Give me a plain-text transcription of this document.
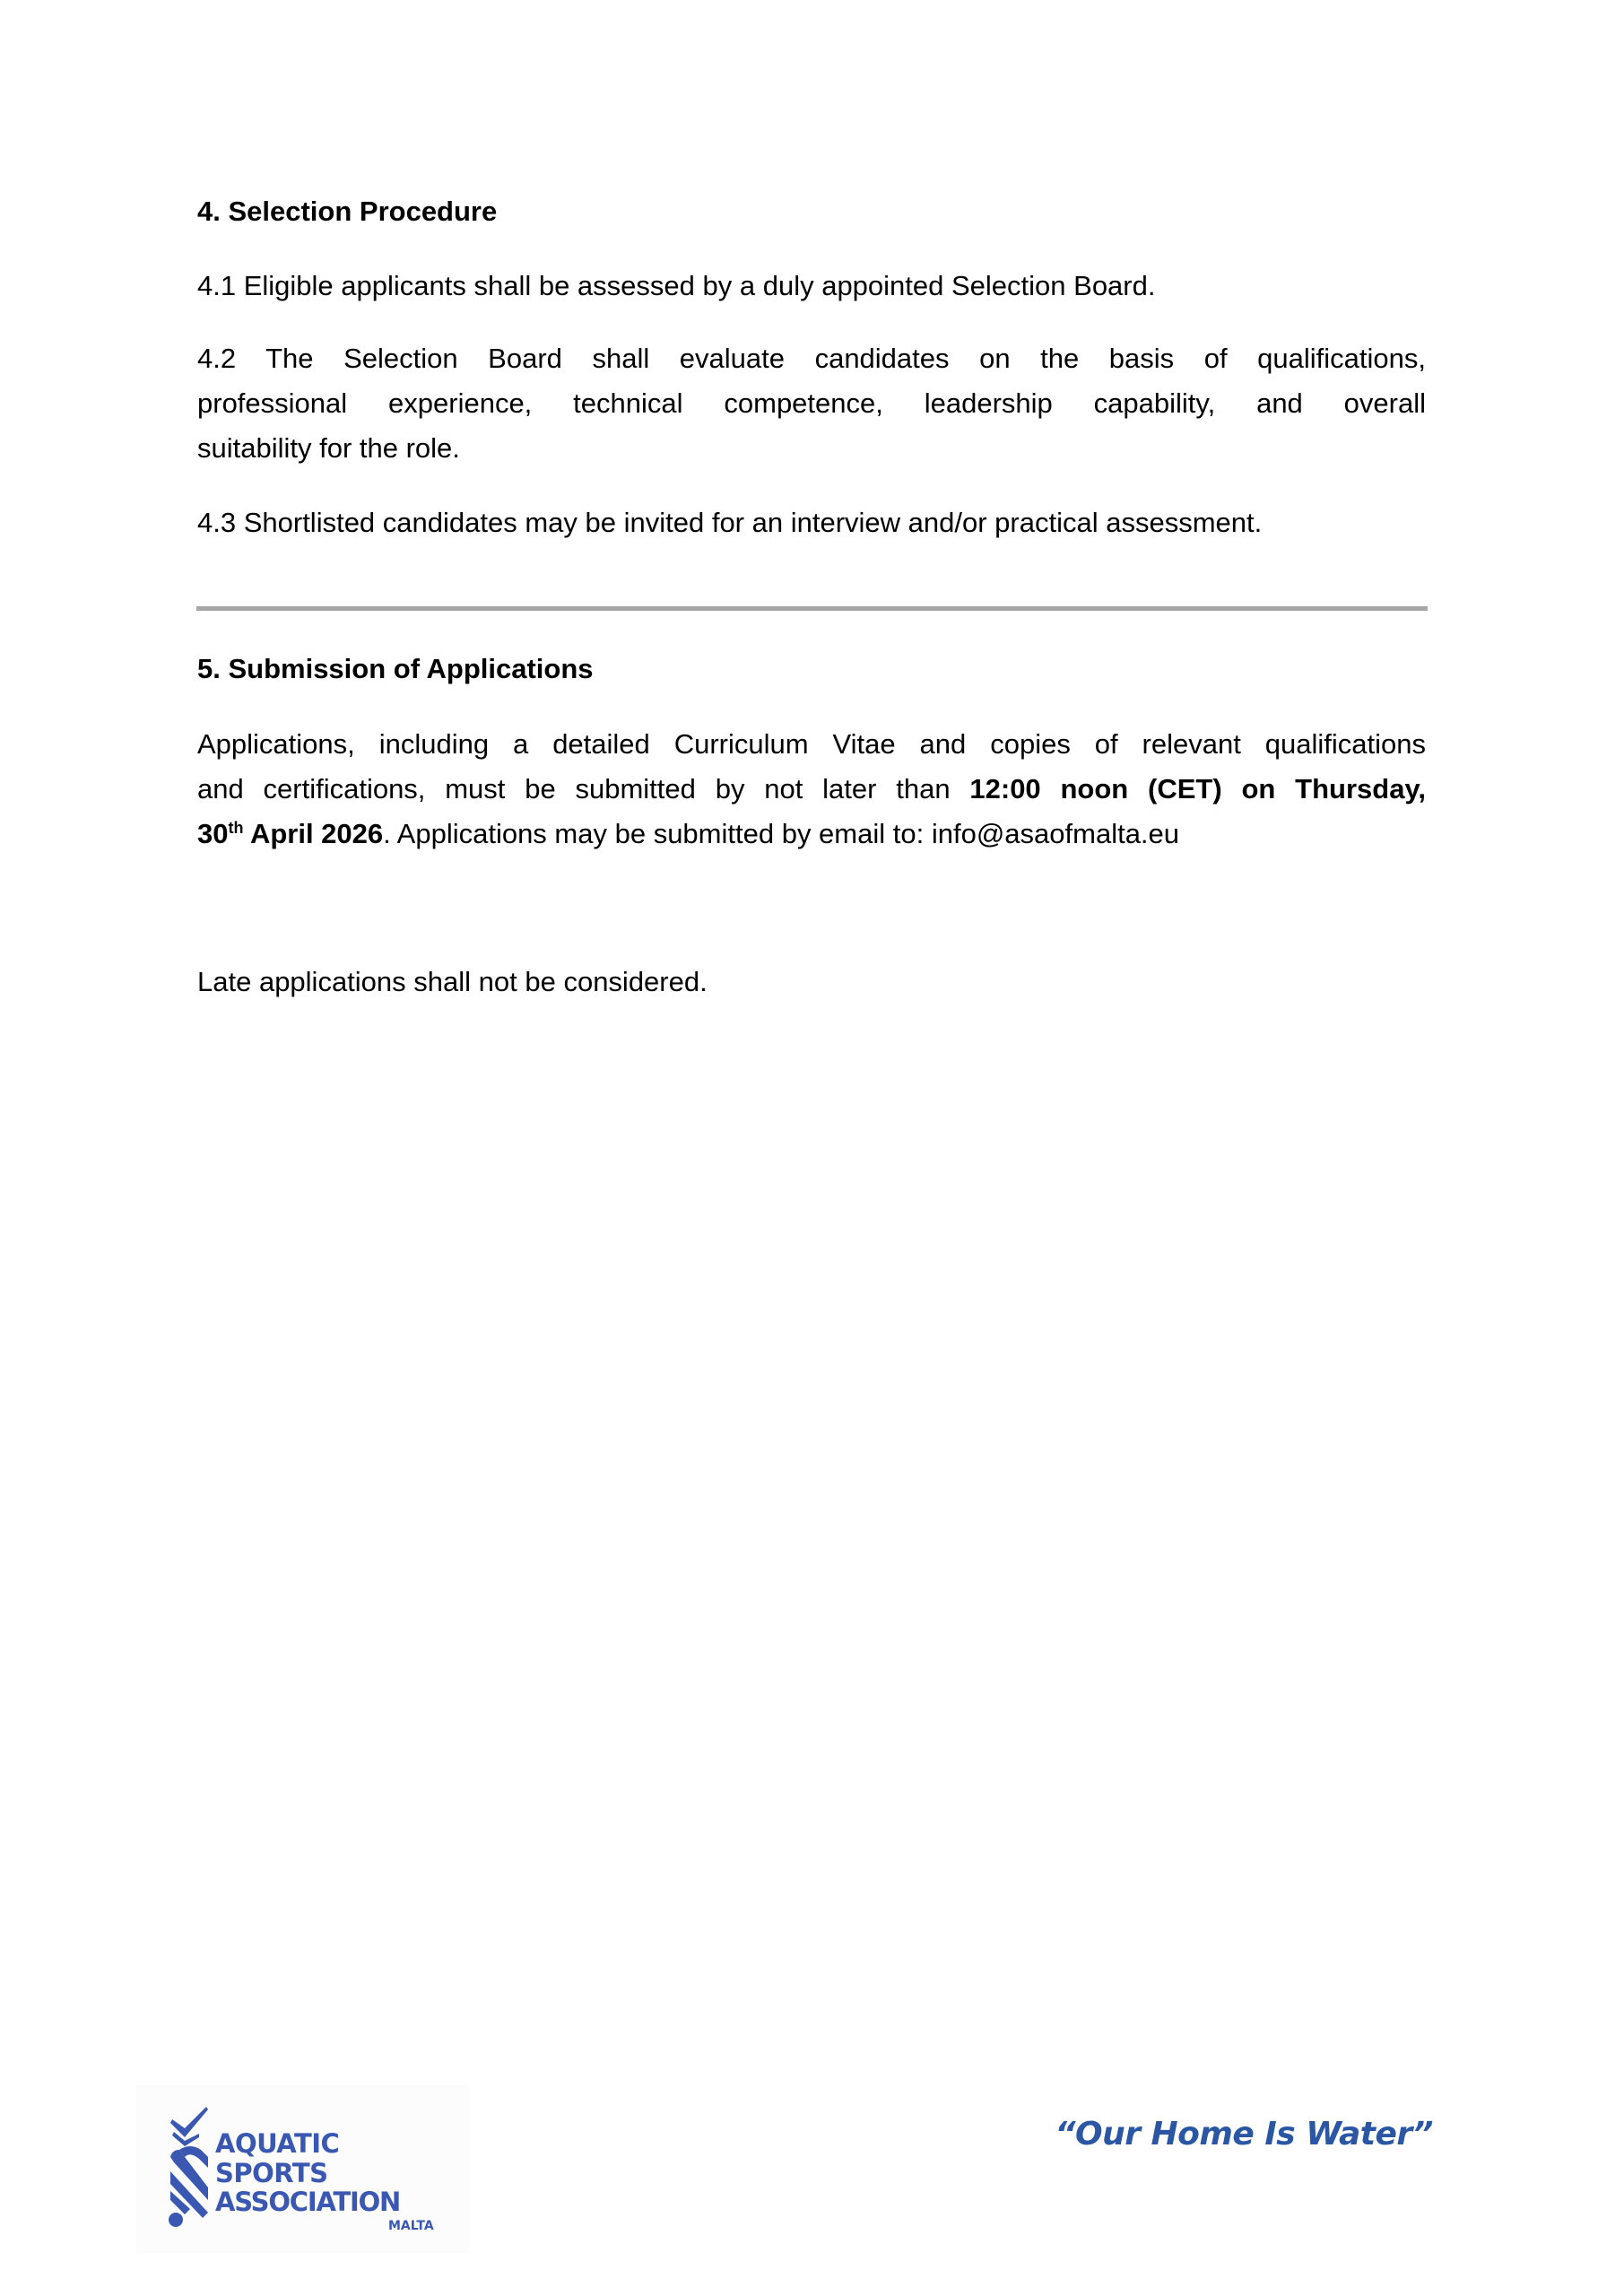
4. Selection Procedure
4.1 Eligible applicants shall be assessed by a duly appointed Selection Board.
4.2 The Selection Board shall evaluate candidates on the basis of qualifications,
professional experience, technical competence, leadership capability, and overall
suitability for the role.
4.3 Shortlisted candidates may be invited for an interview and/or practical assessment.
5. Submission of Applications
Applications, including a detailed Curriculum Vitae and copies of relevant qualifications
and certifications, must be submitted by not later than 12:00 noon (CET) on Thursday,
30th April 2026. Applications may be submitted by email to: info@asaofmalta.eu
Late applications shall not be considered.
AQUATIC
SPORTS
ASSOCIATION
MALTA
“Our Home Is Water”
